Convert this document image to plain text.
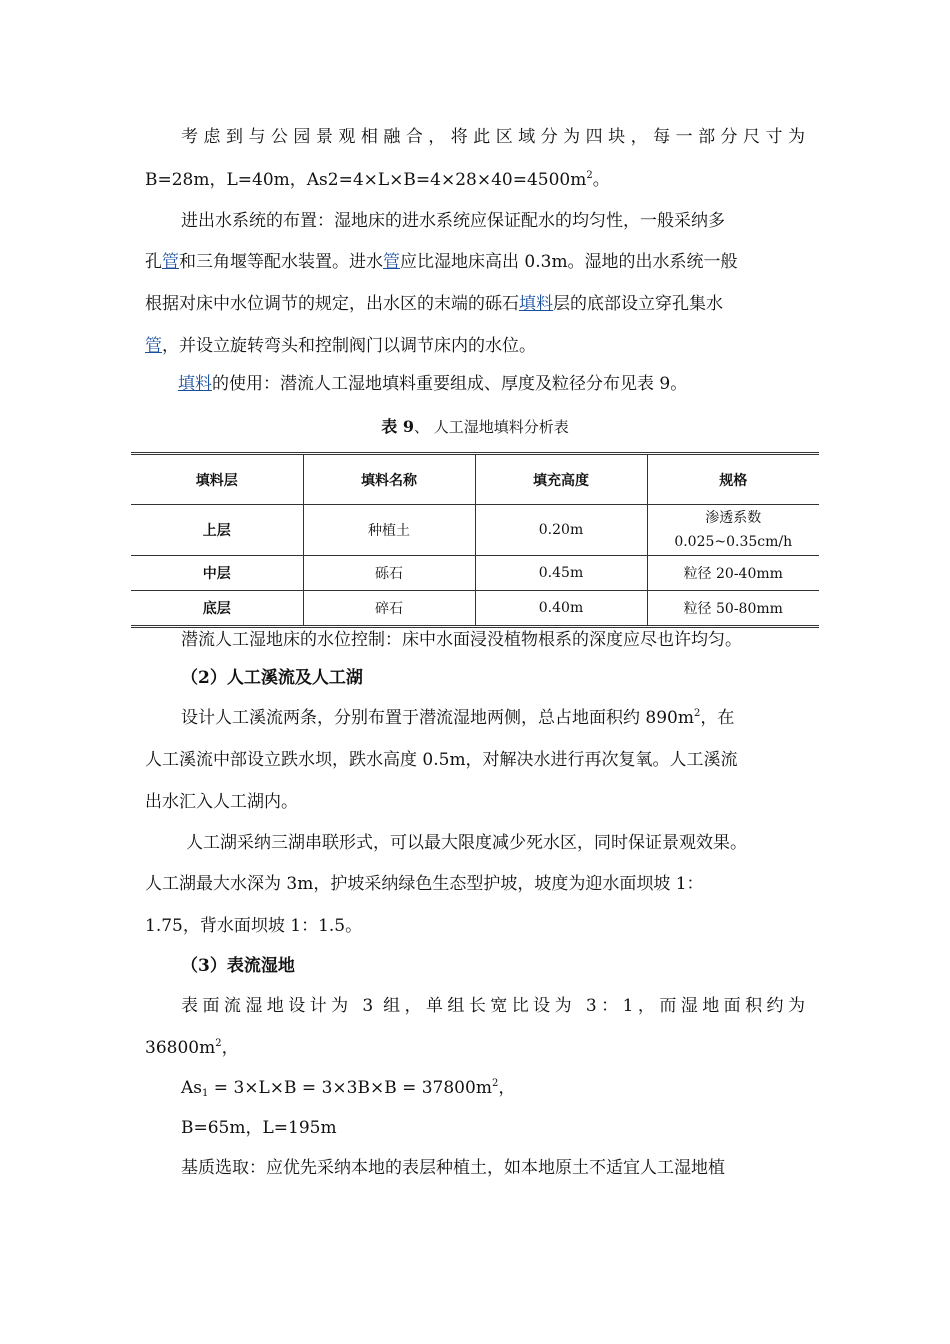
考虑到与公园景观相融合，将此区域分为四块，每一部分尺寸为
B=28m，L=40m，$As2=4\times L\times B=4\times 28\times 40=4500m^2$。
进出水系统的布置：湿地床的进水系统应保证配水的均匀性，一般采纳多
孔管和三角堰等配水装置。进水管应比湿地床高出 0.3m。湿地的出水系统一般
根据对床中水位调节的规定，出水区的末端的砾石填料层的底部设立穿孔集水
管，并设立旋转弯头和控制阀门以调节床内的水位。
填料的使用：潜流人工湿地填料重要组成、厚度及粒径分布见表 9。
表 9、 人工湿地填料分析表
填料层	填料名称	填充高度	规格
上层	种植土	0.20m	渗透系数
0.025~0.35cm/h

中层	砾石	0.45m	粒径 20-40mm
底层	碎石	0.40m	粒径 50-80mm
潜流人工湿地床的水位控制：床中水面浸没植物根系的深度应尽也许均匀。
（2）人工溪流及人工湖
设计人工溪流两条，分别布置于潜流湿地两侧，总占地面积约 $890m^2$，在
人工溪流中部设立跌水坝，跌水高度 0.5m，对解决水进行再次复氧。人工溪流
出水汇入人工湖内。
人工湖采纳三湖串联形式，可以最大限度减少死水区，同时保证景观效果。
人工湖最大水深为 3m，护坡采纳绿色生态型护坡，坡度为迎水面坝坡 1：
1.75，背水面坝坡 1：1.5。
（3）表流湿地
表面流湿地设计为 3 组，单组长宽比设为 3：1，而湿地面积约为
$36800m^2$，
$As_1 = 3\times L\times B = 3\times 3B\times B = 37800m^2$，
B=65m，L=195m
基质选取：应优先采纳本地的表层种植土，如本地原土不适宜人工湿地植
